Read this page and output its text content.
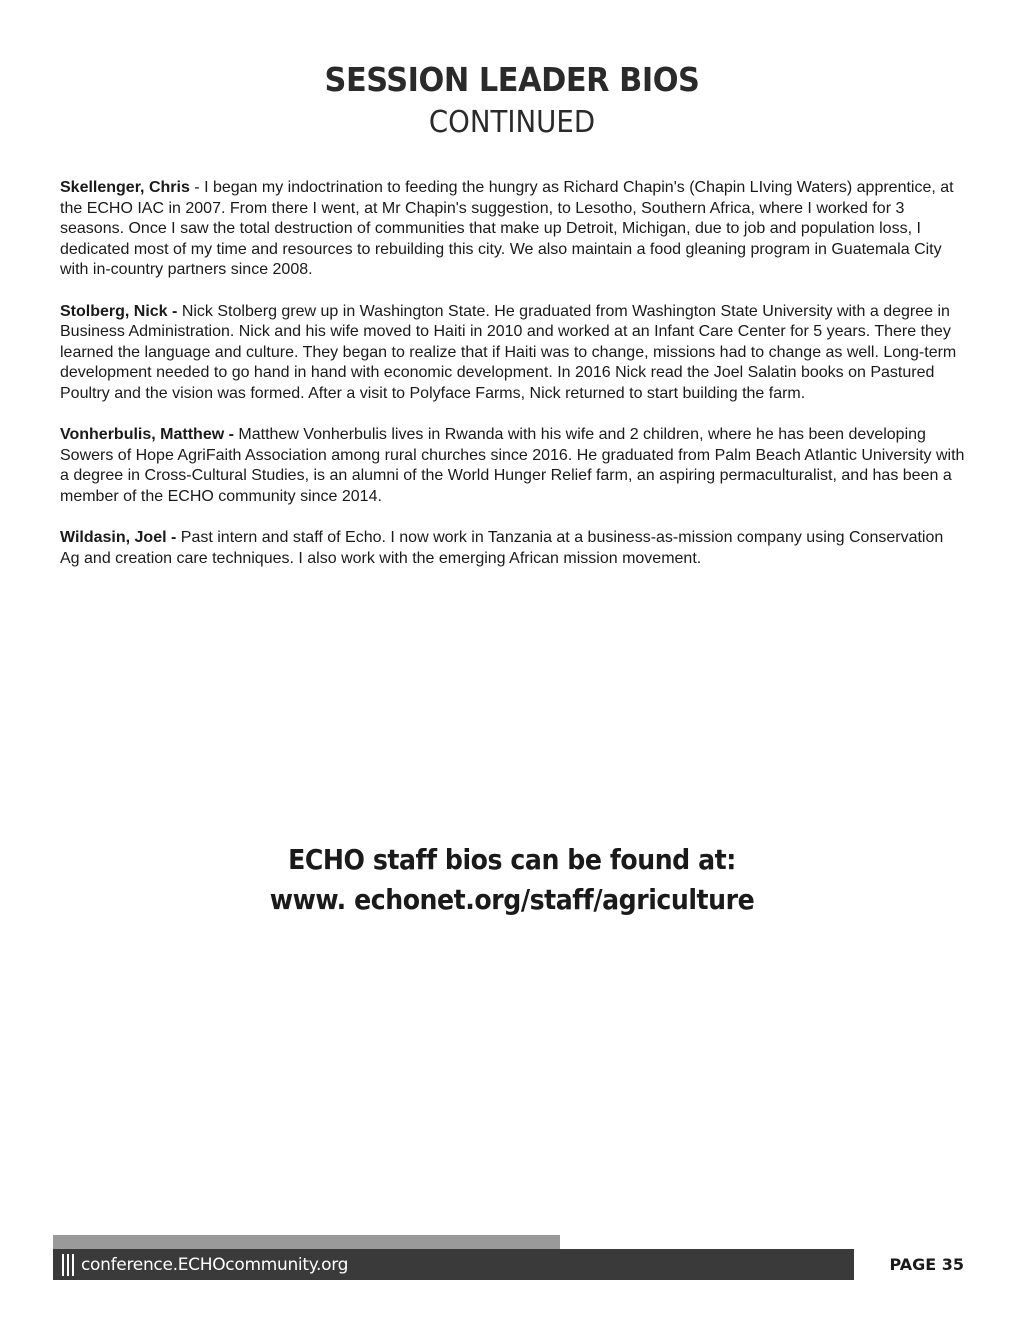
SESSION LEADER BIOS
CONTINUED

Skellenger, Chris - I began my indoctrination to feeding the hungry as Richard Chapin's (Chapin LIving Waters) apprentice, at the ECHO IAC in 2007. From there I went, at Mr Chapin's suggestion, to Lesotho, Southern Africa, where I worked for 3 seasons. Once I saw the total destruction of communities that make up Detroit, Michigan, due to job and population loss, I dedicated most of my time and resources to rebuilding this city. We also maintain a food gleaning program in Guatemala City with in-country partners since 2008.

Stolberg, Nick - Nick Stolberg grew up in Washington State. He graduated from Washington State University with a degree in Business Administration. Nick and his wife moved to Haiti in 2010 and worked at an Infant Care Center for 5 years. There they learned the language and culture. They began to realize that if Haiti was to change, missions had to change as well. Long-term development needed to go hand in hand with economic development. In 2016 Nick read the Joel Salatin books on Pastured Poultry and the vision was formed. After a visit to Polyface Farms, Nick returned to start building the farm.

Vonherbulis, Matthew - Matthew Vonherbulis lives in Rwanda with his wife and 2 children, where he has been developing Sowers of Hope AgriFaith Association among rural churches since 2016. He graduated from Palm Beach Atlantic University with a degree in Cross-Cultural Studies, is an alumni of the World Hunger Relief farm, an aspiring permaculturalist, and has been a member of the ECHO community since 2014.

Wildasin, Joel - Past intern and staff of Echo. I now work in Tanzania at a business-as-mission company using Conservation Ag and creation care techniques. I also work with the emerging African mission movement.

ECHO staff bios can be found at:
www. echonet.org/staff/agriculture
conference.ECHOcommunity.org	PAGE 35
